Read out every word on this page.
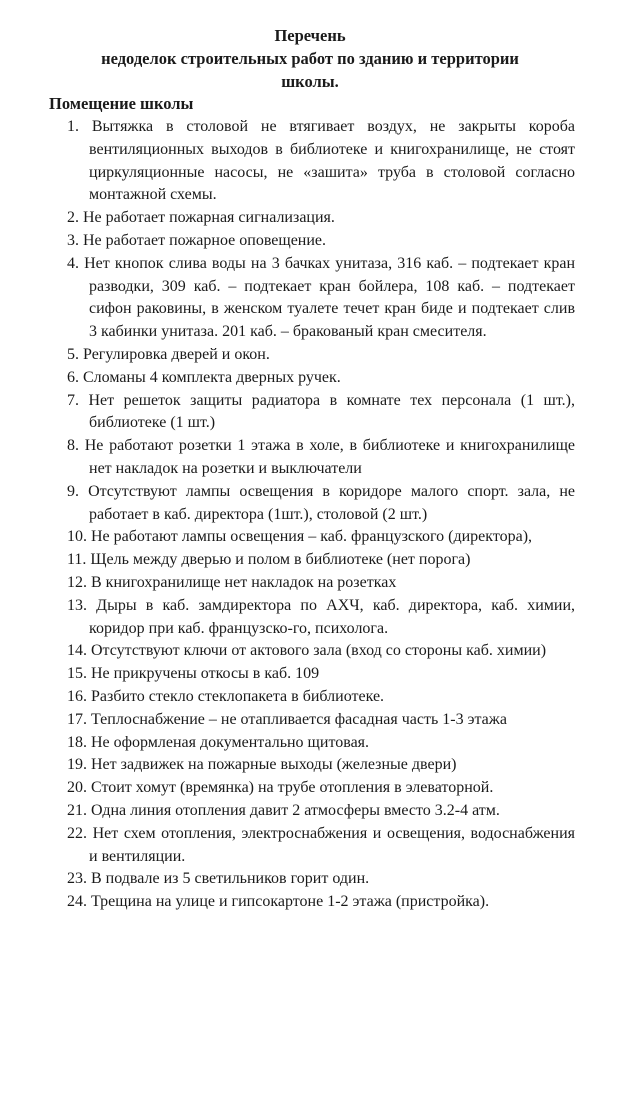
Перечень
недоделок строительных работ по зданию и территории
школы.
Помещение школы
1. Вытяжка в столовой не втягивает воздух, не закрыты короба вентиляционных выходов в библиотеке и книгохранилище, не стоят циркуляционные насосы, не «зашита» труба в столовой согласно монтажной схемы.
2. Не работает пожарная сигнализация.
3. Не работает пожарное оповещение.
4. Нет кнопок слива воды на 3 бачках унитаза, 316 каб. – подтекает кран разводки, 309 каб. – подтекает кран бойлера, 108 каб. – подтекает сифон раковины, в женском туалете течет кран биде и подтекает слив 3 кабинки унитаза. 201 каб. – бракованый кран смесителя.
5. Регулировка дверей и окон.
6. Сломаны 4 комплекта дверных ручек.
7. Нет решеток защиты радиатора в комнате тех персонала (1 шт.), библиотеке (1 шт.)
8. Не работают розетки 1 этажа в холе, в библиотеке и книгохранилище нет накладок на розетки и выключатели
9. Отсутствуют лампы освещения в коридоре малого спорт. зала, не работает в каб. директора (1шт.), столовой (2 шт.)
10. Не работают лампы освещения – каб. французского (директора),
11. Щель между дверью и полом в библиотеке (нет порога)
12. В книгохранилище нет накладок на розетках
13. Дыры в каб. замдиректора по АХЧ, каб. директора, каб. химии, коридор при каб. французско-го, психолога.
14. Отсутствуют ключи от актового зала (вход со стороны каб. химии)
15. Не прикручены откосы в каб. 109
16. Разбито стекло стеклопакета в библиотеке.
17. Теплоснабжение – не отапливается фасадная часть 1-3 этажа
18. Не оформленая документально щитовая.
19. Нет задвижек на пожарные выходы (железные двери)
20. Стоит хомут (времянка) на трубе отопления в элеваторной.
21. Одна линия отопления давит 2 атмосферы вместо 3.2-4 атм.
22. Нет схем отопления, электроснабжения и освещения, водоснабжения и вентиляции.
23. В подвале из 5 светильников горит один.
24. Трещина на улице и гипсокартоне 1-2 этажа (пристройка).
